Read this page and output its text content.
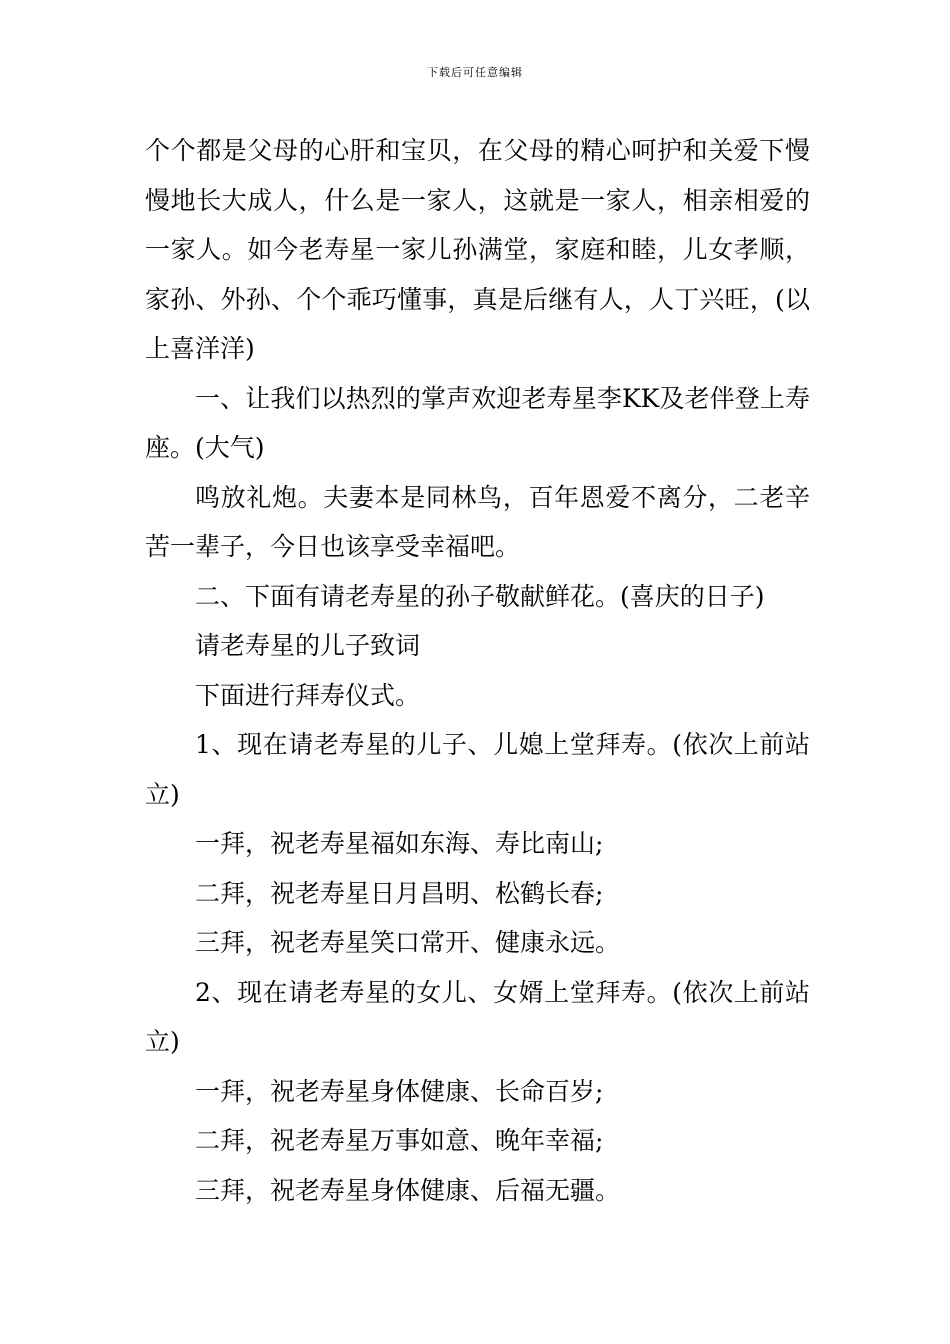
下载后可任意编辑

个个都是父母的心肝和宝贝，在父母的精心呵护和关爱下慢慢地长大成人，什么是一家人，这就是一家人，相亲相爱的一家人。如今老寿星一家儿孙满堂，家庭和睦，儿女孝顺，家孙、外孙、个个乖巧懂事，真是后继有人，人丁兴旺，(以上喜洋洋)

一、让我们以热烈的掌声欢迎老寿星李KK及老伴登上寿座。(大气)

鸣放礼炮。夫妻本是同林鸟，百年恩爱不离分，二老辛苦一辈子，今日也该享受幸福吧。

二、下面有请老寿星的孙子敬献鲜花。(喜庆的日子)

请老寿星的儿子致词

下面进行拜寿仪式。

1、现在请老寿星的儿子、儿媳上堂拜寿。(依次上前站立)

一拜，祝老寿星福如东海、寿比南山;

二拜，祝老寿星日月昌明、松鹤长春;

三拜，祝老寿星笑口常开、健康永远。

2、现在请老寿星的女儿、女婿上堂拜寿。(依次上前站立)

一拜，祝老寿星身体健康、长命百岁;

二拜，祝老寿星万事如意、晚年幸福;

三拜，祝老寿星身体健康、后福无疆。
